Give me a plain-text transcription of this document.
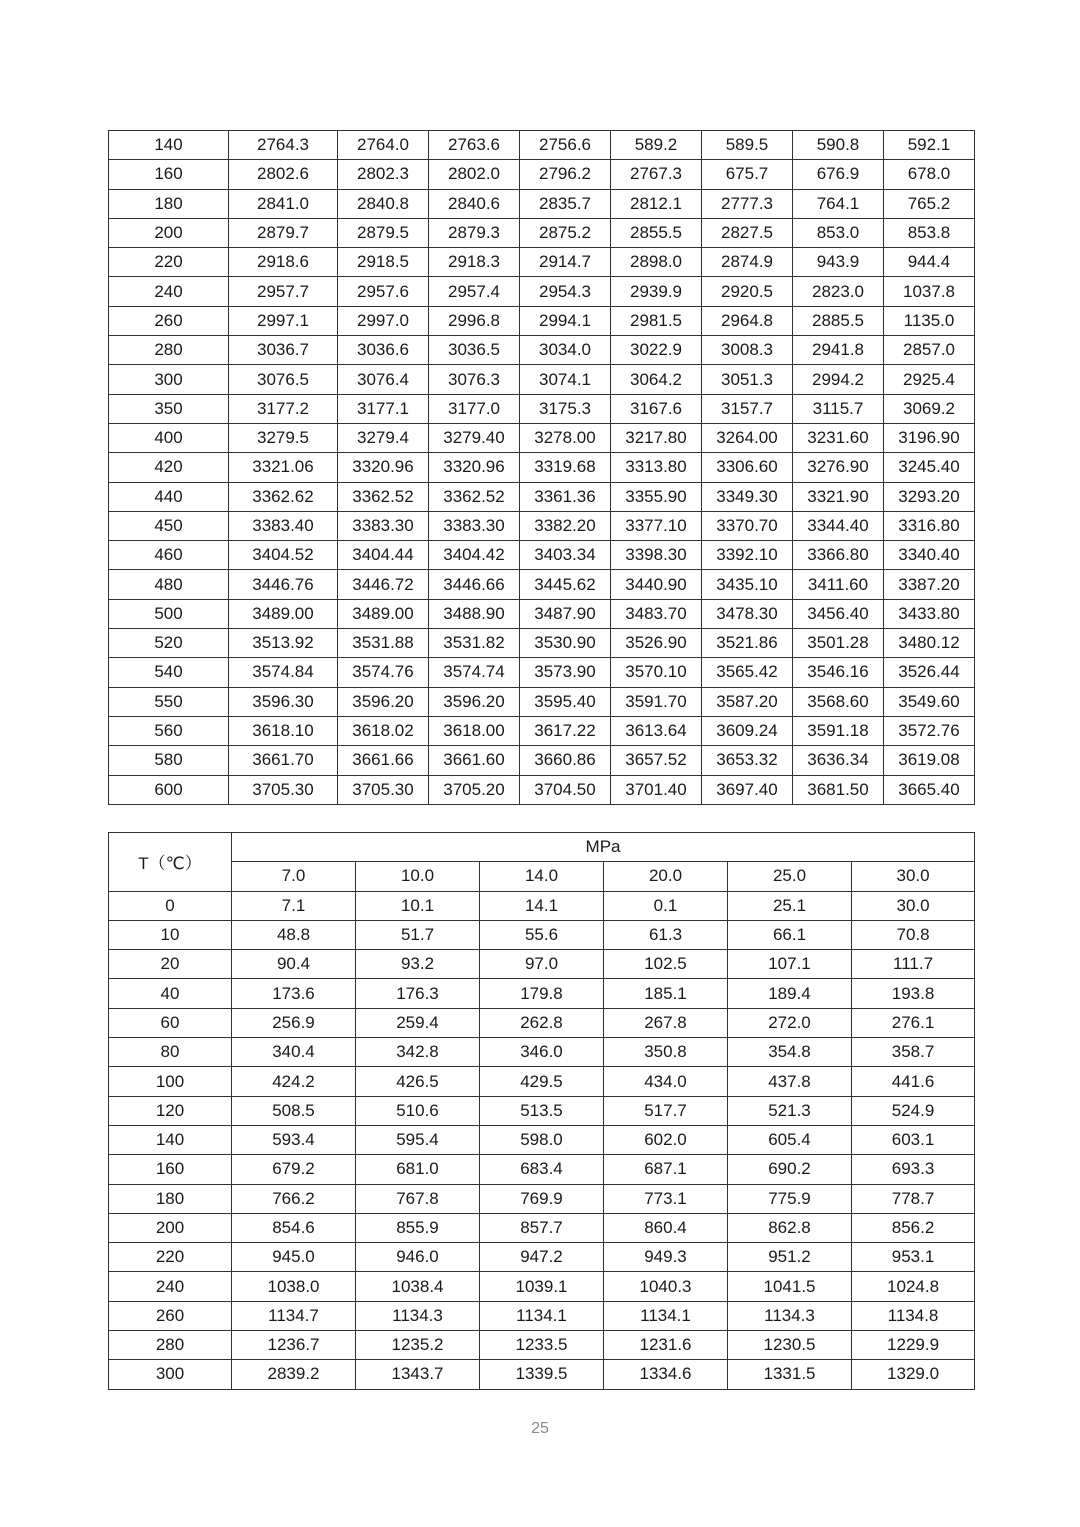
140	2764.3	2764.0	2763.6	2756.6	589.2	589.5	590.8	592.1
160	2802.6	2802.3	2802.0	2796.2	2767.3	675.7	676.9	678.0
180	2841.0	2840.8	2840.6	2835.7	2812.1	2777.3	764.1	765.2
200	2879.7	2879.5	2879.3	2875.2	2855.5	2827.5	853.0	853.8
220	2918.6	2918.5	2918.3	2914.7	2898.0	2874.9	943.9	944.4
240	2957.7	2957.6	2957.4	2954.3	2939.9	2920.5	2823.0	1037.8
260	2997.1	2997.0	2996.8	2994.1	2981.5	2964.8	2885.5	1135.0
280	3036.7	3036.6	3036.5	3034.0	3022.9	3008.3	2941.8	2857.0
300	3076.5	3076.4	3076.3	3074.1	3064.2	3051.3	2994.2	2925.4
350	3177.2	3177.1	3177.0	3175.3	3167.6	3157.7	3115.7	3069.2
400	3279.5	3279.4	3279.40	3278.00	3217.80	3264.00	3231.60	3196.90
420	3321.06	3320.96	3320.96	3319.68	3313.80	3306.60	3276.90	3245.40
440	3362.62	3362.52	3362.52	3361.36	3355.90	3349.30	3321.90	3293.20
450	3383.40	3383.30	3383.30	3382.20	3377.10	3370.70	3344.40	3316.80
460	3404.52	3404.44	3404.42	3403.34	3398.30	3392.10	3366.80	3340.40
480	3446.76	3446.72	3446.66	3445.62	3440.90	3435.10	3411.60	3387.20
500	3489.00	3489.00	3488.90	3487.90	3483.70	3478.30	3456.40	3433.80
520	3513.92	3531.88	3531.82	3530.90	3526.90	3521.86	3501.28	3480.12
540	3574.84	3574.76	3574.74	3573.90	3570.10	3565.42	3546.16	3526.44
550	3596.30	3596.20	3596.20	3595.40	3591.70	3587.20	3568.60	3549.60
560	3618.10	3618.02	3618.00	3617.22	3613.64	3609.24	3591.18	3572.76
580	3661.70	3661.66	3661.60	3660.86	3657.52	3653.32	3636.34	3619.08
600	3705.30	3705.30	3705.20	3704.50	3701.40	3697.40	3681.50	3665.40
T（℃）	MPa					
	7.0	10.0	14.0	20.0	25.0	30.0
0	7.1	10.1	14.1	0.1	25.1	30.0
10	48.8	51.7	55.6	61.3	66.1	70.8
20	90.4	93.2	97.0	102.5	107.1	111.7
40	173.6	176.3	179.8	185.1	189.4	193.8
60	256.9	259.4	262.8	267.8	272.0	276.1
80	340.4	342.8	346.0	350.8	354.8	358.7
100	424.2	426.5	429.5	434.0	437.8	441.6
120	508.5	510.6	513.5	517.7	521.3	524.9
140	593.4	595.4	598.0	602.0	605.4	603.1
160	679.2	681.0	683.4	687.1	690.2	693.3
180	766.2	767.8	769.9	773.1	775.9	778.7
200	854.6	855.9	857.7	860.4	862.8	856.2
220	945.0	946.0	947.2	949.3	951.2	953.1
240	1038.0	1038.4	1039.1	1040.3	1041.5	1024.8
260	1134.7	1134.3	1134.1	1134.1	1134.3	1134.8
280	1236.7	1235.2	1233.5	1231.6	1230.5	1229.9
300	2839.2	1343.7	1339.5	1334.6	1331.5	1329.0
25
